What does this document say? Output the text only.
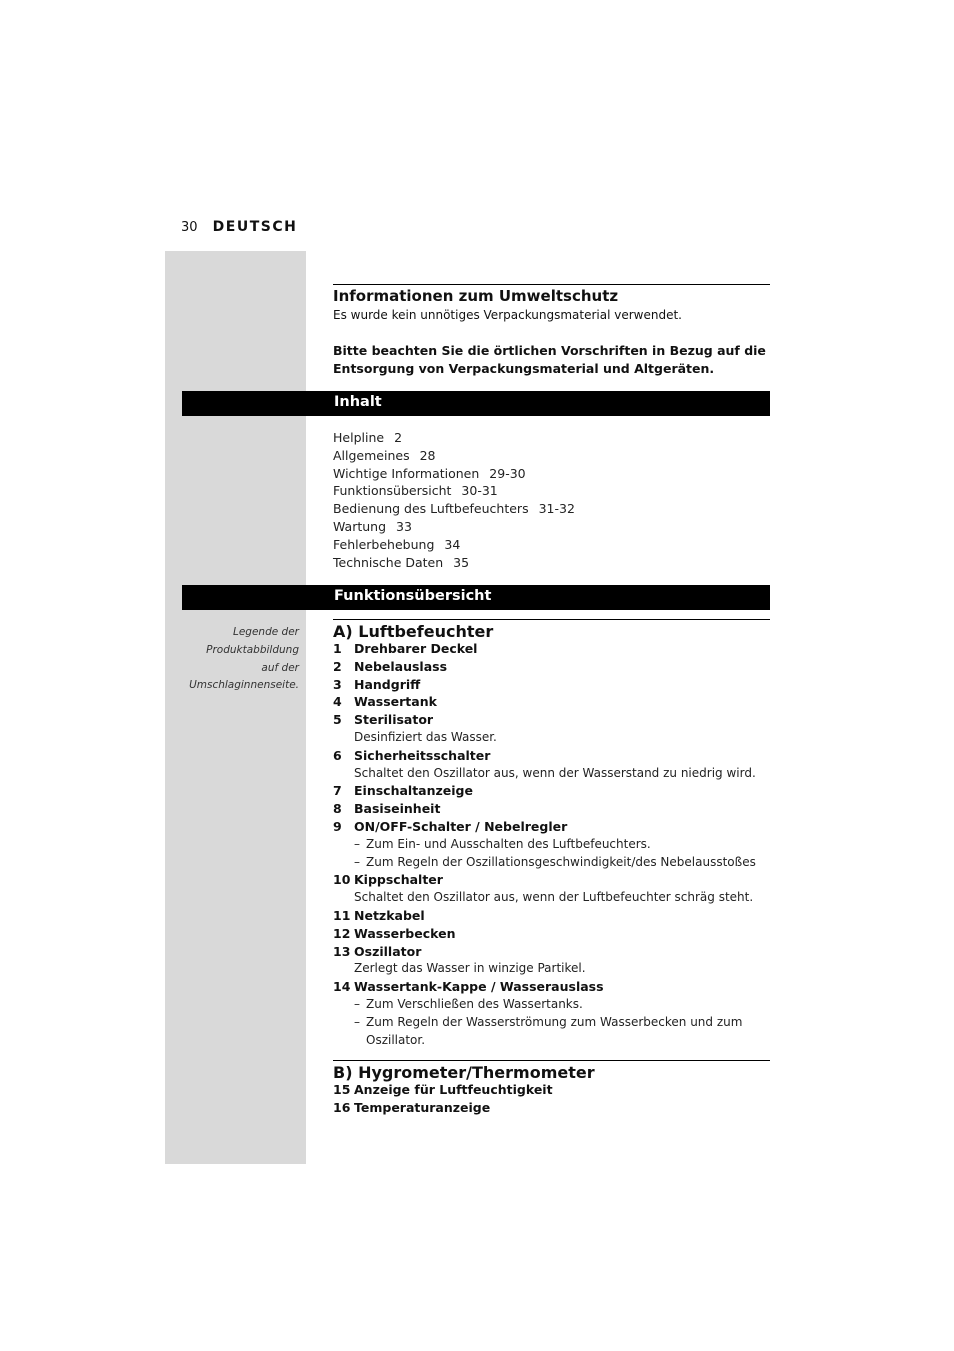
30 DEUTSCH
Informationen zum Umweltschutz
Es wurde kein unnötiges Verpackungsmaterial verwendet.
Bitte beachten Sie die örtlichen Vorschriften in Bezug auf die Entsorgung von Verpackungsmaterial und Altgeräten.
Inhalt
Helpline 2
Allgemeines 28
Wichtige Informationen 29-30
Funktionsübersicht 30-31
Bedienung des Luftbefeuchters 31-32
Wartung 33
Fehlerbehebung 34
Technische Daten 35
Funktionsübersicht
Legende der
Produktabbildung
auf der
Umschlaginnenseite.
A) Luftbefeuchter
1 Drehbarer Deckel
2 Nebelauslass
3 Handgriff
4 Wassertank
5 Sterilisator
Desinfiziert das Wasser.
6 Sicherheitsschalter
Schaltet den Oszillator aus, wenn der Wasserstand zu niedrig wird.
7 Einschaltanzeige
8 Basiseinheit
9 ON/OFF-Schalter / Nebelregler
– Zum Ein- und Ausschalten des Luftbefeuchters.
– Zum Regeln der Oszillationsgeschwindigkeit/des Nebelausstoßes
10 Kippschalter
Schaltet den Oszillator aus, wenn der Luftbefeuchter schräg steht.
11 Netzkabel
12 Wasserbecken
13 Oszillator
Zerlegt das Wasser in winzige Partikel.
14 Wassertank-Kappe / Wasserauslass
– Zum Verschließen des Wassertanks.
– Zum Regeln der Wasserströmung zum Wasserbecken und zum Oszillator.
B) Hygrometer/Thermometer
15 Anzeige für Luftfeuchtigkeit
16 Temperaturanzeige
